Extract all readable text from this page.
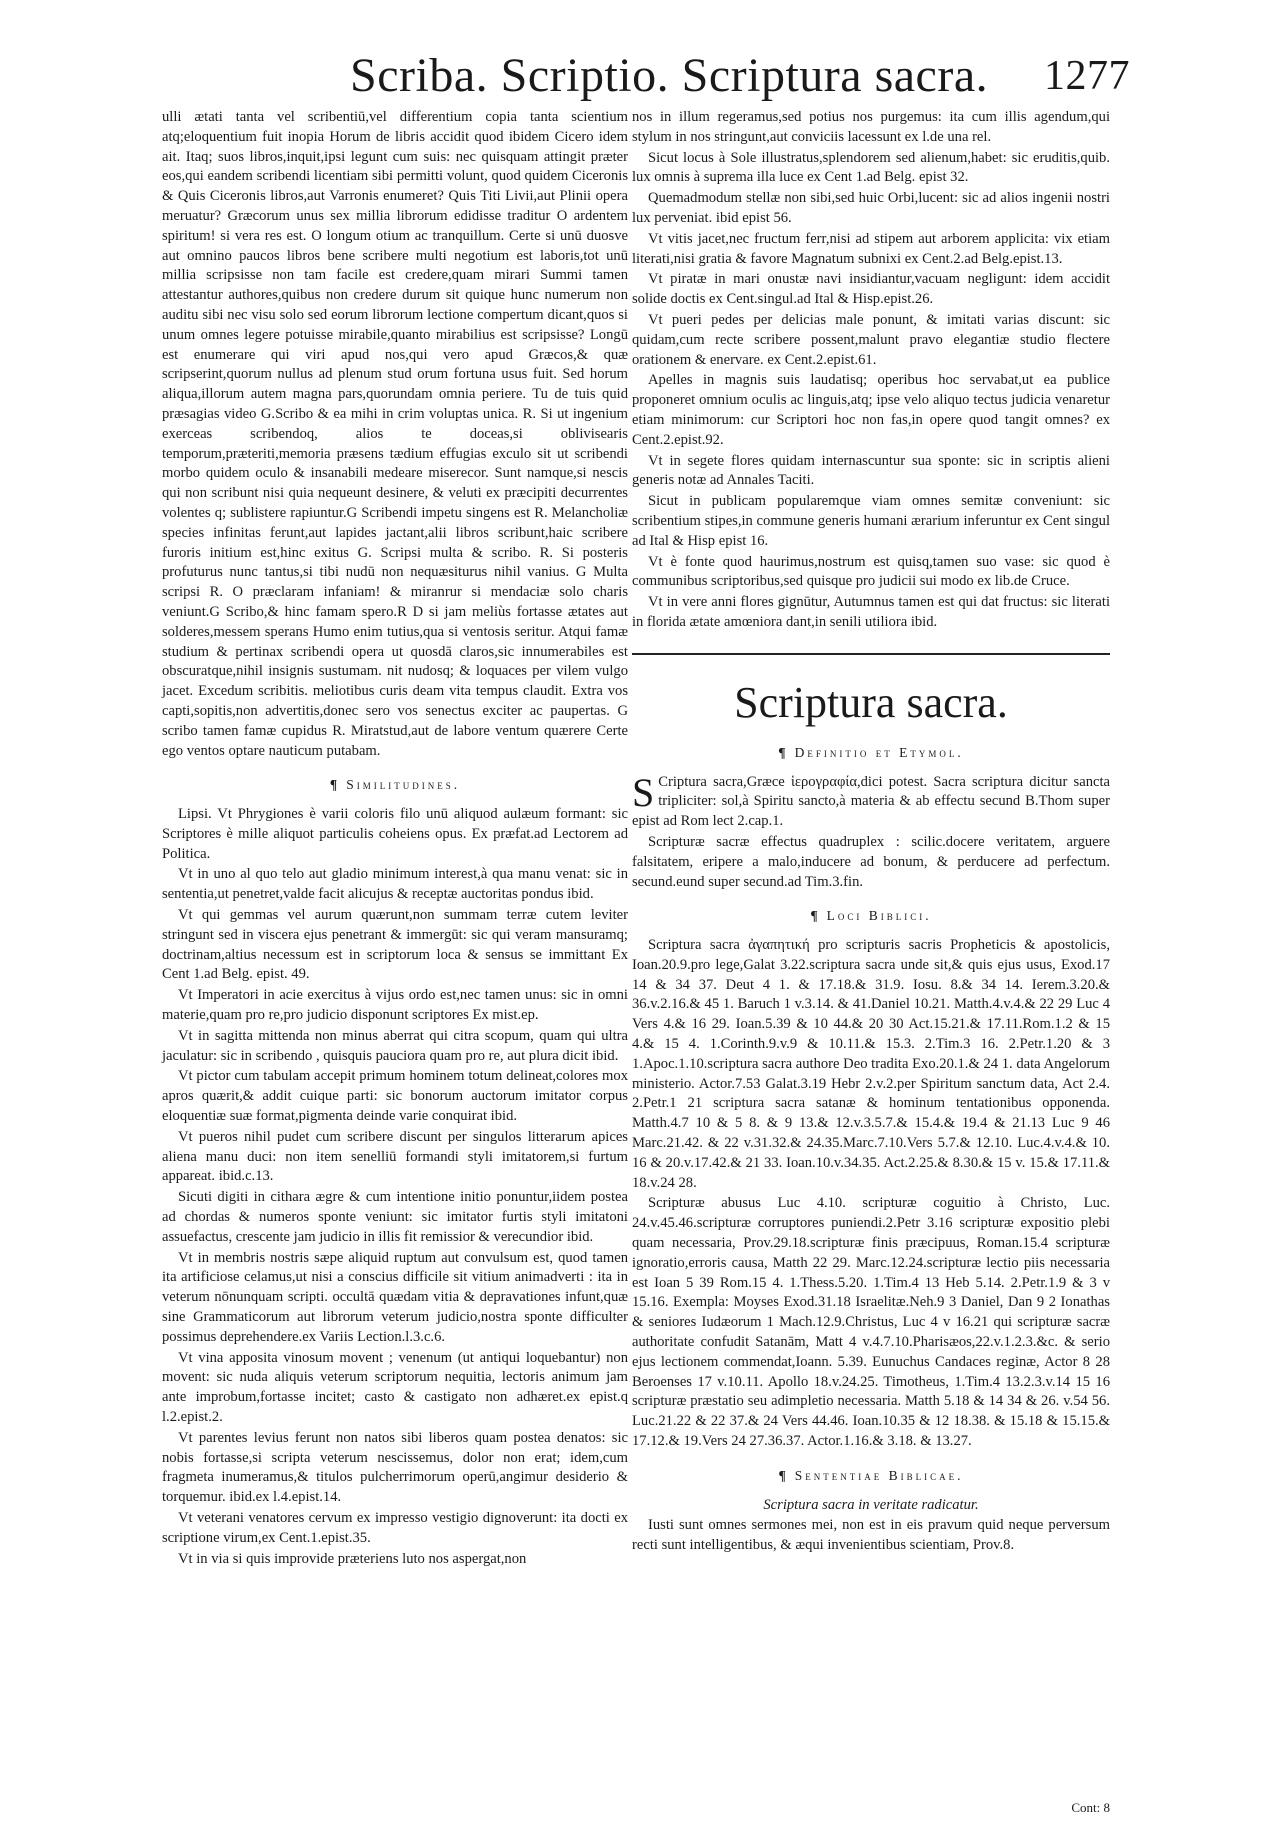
Scriba. Scriptio. Scriptura sacra. 1277

ulli ætati tanta vel scribentiū,vel differentium copia tanta scientium atq;eloquentium fuit inopia Horum de libris accidit quod ibidem Cicero idem ait. Itaq; suos libros,inquit,ipsi legunt cum suis: nec quisquam attingit præter eos,qui eandem scribendi licentiam sibi permitti volunt, quod quidem Ciceronis & Quis Ciceronis libros,aut Varronis enumeret? Quis Titi Livii,aut Plinii opera meruatur? Græcorum unus sex millia librorum edidisse traditur O ardentem spiritum! si vera res est. O longum otium ac tranquillum. Certe si unū duosve aut omnino paucos libros bene scribere multi negotium est laboris,tot unū millia scripsisse non tam facile est credere,quam mirari Summi tamen attestantur authores,quibus non credere durum sit quique hunc numerum non auditu sibi nec visu solo sed eorum librorum lectione compertum dicant,quos si unum omnes legere potuisse mirabile,quanto mirabilius est scripsisse? Longū est enumerare qui viri apud nos,qui vero apud Græcos,& quæ scripserint,quorum nullus ad plenum stud orum fortuna usus fuit. Sed horum aliqua,illorum autem magna pars,quorundam omnia periere. Tu de tuis quid præsagias video G.Scribo & ea mihi in crim voluptas unica. R. Si ut ingenium exerceas scribendoq, alios te doceas,si oblivisearis temporum,præteriti,memoria præsens tædium effugias exculo sit ut scribendi morbo quidem oculo & insanabili medeare miserecor. Sunt namque,si nescis qui non scribunt nisi quia nequeunt desinere, & veluti ex præcipiti decurrentes volentes q; sublistere rapiuntur.G Scribendi impetu singens est R. Melancholiæ species infinitas ferunt,aut lapides jactant,alii libros scribunt,haic scribere furoris initium est,hinc exitus G. Scripsi multa & scribo. R. Si posteris profuturus nunc tantus,si tibi nudū non nequæsiturus nihil vanius. G Multa scripsi R. O præclaram infaniam! & miranrur si mendaciæ solo charis veniunt.G Scribo,& hinc famam spero.R D si jam meliùs fortasse ætates aut solderes,messem sperans Humo enim tutius,qua si ventosis seritur. Atqui famæ studium & pertinax scribendi opera ut quosdā claros,sic innumerabiles est obscuratque,nihil insignis sustumam. nit nudosq; & loquaces per vilem vulgo jacet. Excedum scribitis. meliotibus curis deam vita tempus claudit. Extra vos capti,sopitis,non advertitis,donec sero vos senectus exciter ac paupertas. G scribo tamen famæ cupidus R. Miratstud,aut de labore ventum quærere Certe ego ventos optare nauticum putabam.

¶ Similitudines.

Lipsi. Vt Phrygiones è varii coloris filo unū aliquod aulæum formant: sic Scriptores è mille aliquot particulis coheiens opus. Ex præfat.ad Lectorem ad Politica.

Vt in uno al quo telo aut gladio minimum interest,à qua manu venat: sic in sententia,ut penetret,valde facit alicujus & receptæ auctoritas pondus ibid.

Vt qui gemmas vel aurum quærunt,non summam terræ cutem leviter stringunt sed in viscera ejus penetrant & immergūt: sic qui veram mansuramq; doctrinam,altius necessum est in scriptorum loca & sensus se immittant Ex Cent 1.ad Belg. epist. 49.

Vt Imperatori in acie exercitus à vijus ordo est,nec tamen unus: sic in omni materie,quam pro re,pro judicio disponunt scriptores Ex mist.ep.

Vt in sagitta mittenda non minus aberrat qui citra scopum, quam qui ultra jaculatur: sic in scribendo , quisquis pauciora quam pro re, aut plura dicit ibid.

Vt pictor cum tabulam accepit primum hominem totum delineat,colores mox apros quærit,& addit cuique parti: sic bonorum auctorum imitator corpus eloquentiæ suæ format,pigmenta deinde varie conquirat ibid.

Vt pueros nihil pudet cum scribere discunt per singulos litterarum apices aliena manu duci: non item senelliū formandi styli imitatorem,si furtum appareat. ibid.c.13.

Sicuti digiti in cithara ægre & cum intentione initio ponuntur,iidem postea ad chordas & numeros sponte veniunt: sic imitator furtis styli imitatoni assuefactus, crescente jam judicio in illis fit remissior & verecundior ibid.

Vt in membris nostris sæpe aliquid ruptum aut convulsum est, quod tamen ita artificiose celamus,ut nisi a conscius difficile sit vitium animadverti : ita in veterum nōnunquam scripti. occultā quædam vitia & depravationes infunt,quæ sine Grammaticorum aut librorum veterum judicio,nostra sponte difficulter possimus deprehendere.ex Variis Lection.l.3.c.6.

Vt vina apposita vinosum movent ; venenum (ut antiqui loquebantur) non movent: sic nuda aliquis veterum scriptorum nequitia, lectoris animum jam ante improbum,fortasse incitet; casto & castigato non adhæret.ex epist.q l.2.epist.2.

Vt parentes levius ferunt non natos sibi liberos quam postea denatos: sic nobis fortasse,si scripta veterum nescissemus, dolor non erat; idem,cum fragmeta inumeramus,& titulos pulcherrimorum operū,angimur desiderio & torquemur. ibid.ex l.4.epist.14.

Vt veterani venatores cervum ex impresso vestigio dignoverunt: ita docti ex scriptione virum,ex Cent.1.epist.35.

Vt in via si quis improvide præteriens luto nos aspergat,non

nos in illum regeramus,sed potius nos purgemus: ita cum illis agendum,qui stylum in nos stringunt,aut conviciis lacessunt ex l.de una rel.

Sicut locus à Sole illustratus,splendorem sed alienum,habet: sic eruditis,quib. lux omnis à suprema illa luce ex Cent 1.ad Belg. epist 32.

Quemadmodum stellæ non sibi,sed huic Orbi,lucent: sic ad alios ingenii nostri lux perveniat. ibid epist 56.

Vt vitis jacet,nec fructum ferr,nisi ad stipem aut arborem applicita: vix etiam literati,nisi gratia & favore Magnatum subnixi ex Cent.2.ad Belg.epist.13.

Vt piratæ in mari onustæ navi insidiantur,vacuam negligunt: idem accidit solide doctis ex Cent.singul.ad Ital & Hisp.epist.26.

Vt pueri pedes per delicias male ponunt, & imitati varias discunt: sic quidam,cum recte scribere possent,malunt pravo elegantiæ studio flectere orationem & enervare. ex Cent.2.epist.61.

Apelles in magnis suis laudatisq; operibus hoc servabat,ut ea publice proponeret omnium oculis ac linguis,atq; ipse velo aliquo tectus judicia venaretur etiam minimorum: cur Scriptori hoc non fas,in opere quod tangit omnes? ex Cent.2.epist.92.

Vt in segete flores quidam internascuntur sua sponte: sic in scriptis alieni generis notæ ad Annales Taciti.

Sicut in publicam popularemque viam omnes semitæ conveniunt: sic scribentium stipes,in commune generis humani ærarium inferuntur ex Cent singul ad Ital & Hisp epist 16.

Vt è fonte quod haurimus,nostrum est quisq,tamen suo vase: sic quod è communibus scriptoribus,sed quisque pro judicii sui modo ex lib.de Cruce.

Vt in vere anni flores gignūtur, Autumnus tamen est qui dat fructus: sic literati in florida ætate amœniora dant,in senili utiliora ibid.

Scriptura sacra.
¶ Definitio et Etymol.

S Criptura sacra,Græce ἱερογραφία,dici potest. Sacra scriptura dicitur sancta tripliciter: sol,à Spiritu sancto,à materia & ab effectu secund B.Thom super epist ad Rom lect 2.cap.1.

Scripturæ sacræ effectus quadruplex : scilic.docere veritatem, arguere falsitatem, eripere a malo,inducere ad bonum, & perducere ad perfectum. secund.eund super secund.ad Tim.3.fin.

¶ Loci Biblici.

Scriptura sacra ἀγαπητική pro scripturis sacris Propheticis & apostolicis, Ioan.20.9.pro lege,Galat 3.22.scriptura sacra unde sit,& quis ejus usus, Exod.17 14 & 34 37. Deut 4 1. & 17.18.& 31.9. Iosu. 8.& 34 14. Ierem.3.20.& 36.v.2.16.& 45 1. Baruch 1 v.3.14. & 41.Daniel 10.21. Matth.4.v.4.& 22 29 Luc 4 Vers 4.& 16 29. Ioan.5.39 & 10 44.& 20 30 Act.15.21.& 17.11.Rom.1.2 & 15 4.& 15 4. 1.Corinth.9.v.9 & 10.11.& 15.3. 2.Tim.3 16. 2.Petr.1.20 & 3 1.Apoc.1.10.scriptura sacra authore Deo tradita Exo.20.1.& 24 1. data Angelorum ministerio. Actor.7.53 Galat.3.19 Hebr 2.v.2.per Spiritum sanctum data, Act 2.4. 2.Petr.1 21 scriptura sacra satanæ & hominum tentationibus opponenda. Matth.4.7 10 & 5 8. & 9 13.& 12.v.3.5.7.& 15.4.& 19.4 & 21.13 Luc 9 46 Marc.21.42. & 22 v.31.32.& 24.35.Marc.7.10.Vers 5.7.& 12.10. Luc.4.v.4.& 10. 16 & 20.v.17.42.& 21 33. Ioan.10.v.34.35. Act.2.25.& 8.30.& 15 v. 15.& 17.11.& 18.v.24 28.

Scripturæ abusus Luc 4.10. scripturæ coguitio à Christo, Luc. 24.v.45.46.scripturæ corruptores puniendi.2.Petr 3.16 scripturæ expositio plebi quam necessaria, Prov.29.18.scripturæ finis præcipuus, Roman.15.4 scripturæ ignoratio,erroris causa, Matth 22 29. Marc.12.24.scripturæ lectio piis necessaria est Ioan 5 39 Rom.15 4. 1.Thess.5.20. 1.Tim.4 13 Heb 5.14. 2.Petr.1.9 & 3 v 15.16. Exempla: Moyses Exod.31.18 Israelitæ.Neh.9 3 Daniel, Dan 9 2 Ionathas & seniores Iudæorum 1 Mach.12.9.Christus, Luc 4 v 16.21 qui scripturæ sacræ authoritate confudit Satanām, Matt 4 v.4.7.10.Pharisæos,22.v.1.2.3.&c. & serio ejus lectionem commendat,Ioann. 5.39. Eunuchus Candaces reginæ, Actor 8 28 Beroenses 17 v.10.11. Apollo 18.v.24.25. Timotheus, 1.Tim.4 13.2.3.v.14 15 16 scripturæ præstatio seu adimpletio necessaria. Matth 5.18 & 14 34 & 26. v.54 56. Luc.21.22 & 22 37.& 24 Vers 44.46. Ioan.10.35 & 12 18.38. & 15.18 & 15.15.& 17.12.& 19.Vers 24 27.36.37. Actor.1.16.& 3.18. & 13.27.

¶ Sententiae Biblicae.

Scriptura sacra in veritate radicatur.

Iusti sunt omnes sermones mei, non est in eis pravum quid neque perversum recti sunt intelligentibus, & æqui invenientibus scientiam, Prov.8.

Cont: 8
